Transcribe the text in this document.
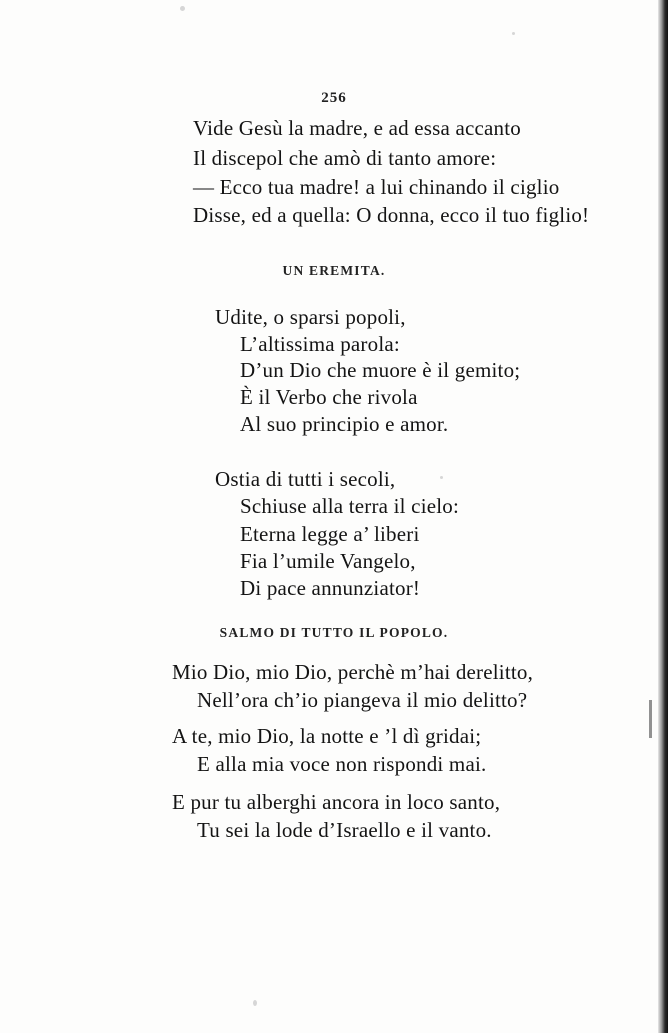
256
Vide Gesù la madre, e ad essa accanto
Il discepol che amò di tanto amore:
— Ecco tua madre! a lui chinando il ciglio
Disse, ed a quella: O donna, ecco il tuo figlio!
UN EREMITA.
Udite, o sparsi popoli,
L’altissima parola:
D’un Dio che muore è il gemito;
È il Verbo che rivola
Al suo principio e amor.
Ostia di tutti i secoli,
Schiuse alla terra il cielo:
Eterna legge a’ liberi
Fia l’umile Vangelo,
Di pace annunziator!
SALMO DI TUTTO IL POPOLO.
Mio Dio, mio Dio, perchè m’hai derelitto,
Nell’ora ch’io piangeva il mio delitto?
A te, mio Dio, la notte e ’l dì gridai;
E alla mia voce non rispondi mai.
E pur tu alberghi ancora in loco santo,
Tu sei la lode d’Israello e il vanto.
